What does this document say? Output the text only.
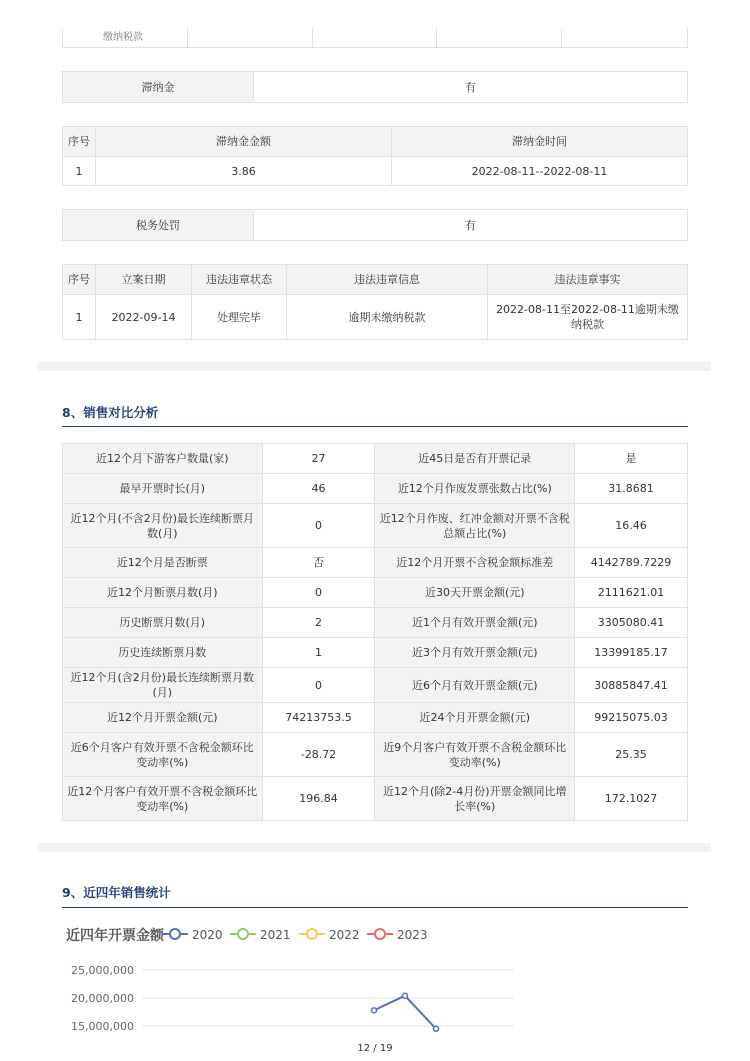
缴纳税款				
滞纳金	有
序号	滞纳金金额	滞纳金时间
1	3.86	2022-08-11--2022-08-11
税务处罚	有
序号	立案日期	违法违章状态	违法违章信息	违法违章事实
1	2022-09-14	处理完毕	逾期未缴纳税款	2022-08-11至2022-08-11逾期未缴纳税款
8、销售对比分析
近12个月下游客户数量(家)	27	近45日是否有开票记录	是
最早开票时长(月)	46	近12个月作废发票张数占比(%)	31.8681
近12个月(不含2月份)最长连续断票月数(月)	0	近12个月作废、红冲金额对开票不含税总额占比(%)	16.46
近12个月是否断票	否	近12个月开票不含税金额标准差	4142789.7229
近12个月断票月数(月)	0	近30天开票金额(元)	2111621.01
历史断票月数(月)	2	近1个月有效开票金额(元)	3305080.41
历史连续断票月数	1	近3个月有效开票金额(元)	13399185.17
近12个月(含2月份)最长连续断票月数(月)	0	近6个月有效开票金额(元)	30885847.41
近12个月开票金额(元)	74213753.5	近24个月开票金额(元)	99215075.03
近6个月客户有效开票不含税金额环比变动率(%)	-28.72	近9个月客户有效开票不含税金额环比变动率(%)	25.35
近12个月客户有效开票不含税金额环比变动率(%)	196.84	近12个月(除2-4月份)开票金额同比增长率(%)	172.1027
9、近四年销售统计
近四年开票金额 2020	2021	2022	2023
25,000,000
20,000,000
15,000,000
12 / 19
